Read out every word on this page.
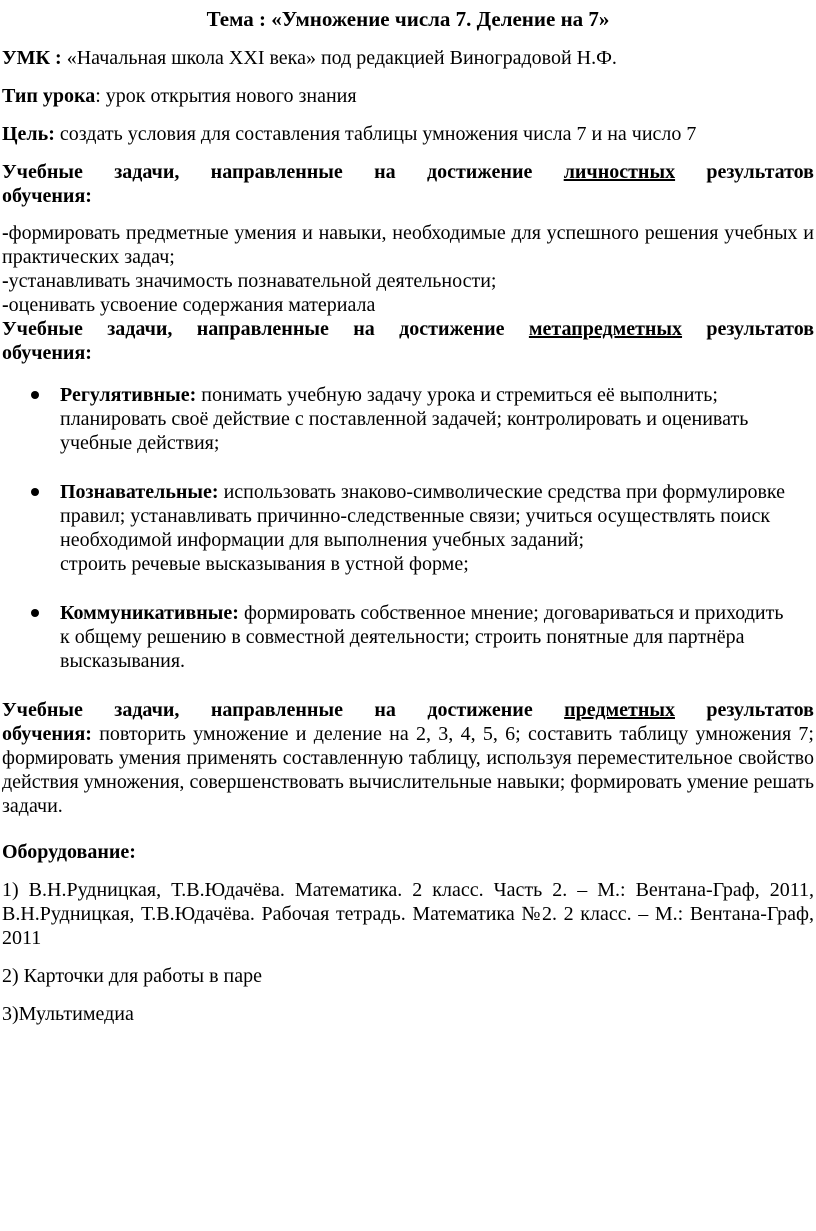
Тема : «Умножение числа 7. Деление на 7»

УМК : «Начальная школа XXI века» под редакцией Виноградовой Н.Ф.

Тип урока: урок открытия нового знания

Цель: создать условия для составления таблицы умножения числа 7 и на число 7

Учебные задачи, направленные на достижение личностных результатов

обучения:

-формировать предметные умения и навыки, необходимые для успешного решения учебных и практических задач;

-устанавливать значимость познавательной деятельности;

-оценивать усвоение содержания материала

Учебные задачи, направленные на достижение метапредметных результатов

обучения:

Регулятивные: понимать учебную задачу урока и стремиться её выполнить; планировать своё действие с поставленной задачей; контролировать и оценивать учебные действия;
Познавательные: использовать знаково-символические средства при формулировке правил; устанавливать причинно-следственные связи; учиться осуществлять поиск необходимой информации для выполнения учебных заданий;
строить речевые высказывания в устной форме;
Коммуникативные: формировать собственное мнение; договариваться и приходить к общему решению в совместной деятельности; строить понятные для партнёра высказывания.

Учебные задачи, направленные на достижение предметных результатов

обучения: повторить умножение и деление на 2, 3, 4, 5, 6; составить таблицу умножения 7; формировать умения применять составленную таблицу, используя переместительное свойство действия умножения, совершенствовать вычислительные навыки; формировать умение решать задачи.

Оборудование:

1) В.Н.Рудницкая, Т.В.Юдачёва. Математика. 2 класс. Часть 2. – М.: Вентана-Граф, 2011, В.Н.Рудницкая, Т.В.Юдачёва. Рабочая тетрадь. Математика №2. 2 класс. – М.: Вентана-Граф, 2011

2) Карточки для работы в паре

3)Мультимедиа
